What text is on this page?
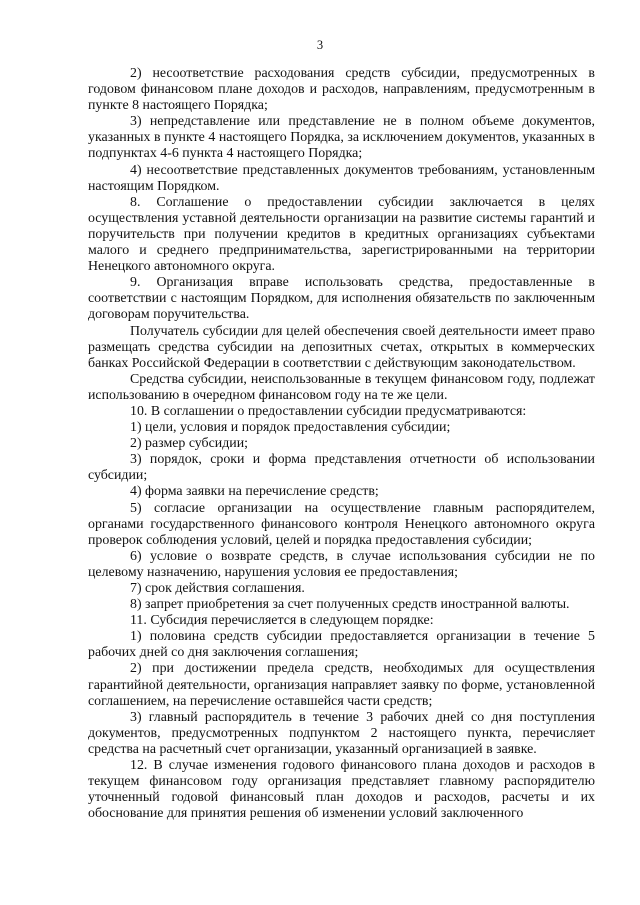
3

2) несоответствие расходования средств субсидии, предусмотренных в годовом финансовом плане доходов и расходов, направлениям, предусмотренным в пункте 8 настоящего Порядка;

3) непредставление или представление не в полном объеме документов, указанных в пункте 4 настоящего Порядка, за исключением документов, указанных в подпунктах 4-6 пункта 4 настоящего Порядка;

4) несоответствие представленных документов требованиям, установленным настоящим Порядком.

8. Соглашение о предоставлении субсидии заключается в целях осуществления уставной деятельности организации на развитие системы гарантий и поручительств при получении кредитов в кредитных организациях субъектами малого и среднего предпринимательства, зарегистрированными на территории Ненецкого автономного округа.

9. Организация вправе использовать средства, предоставленные в соответствии с настоящим Порядком, для исполнения обязательств по заключенным договорам поручительства.

Получатель субсидии для целей обеспечения своей деятельности имеет право размещать средства субсидии на депозитных счетах, открытых в коммерческих банках Российской Федерации в соответствии с действующим законодательством.

Средства субсидии, неиспользованные в текущем финансовом году, подлежат использованию в очередном финансовом году на те же цели.

10. В соглашении о предоставлении субсидии предусматриваются:

1) цели, условия и порядок предоставления субсидии;

2) размер субсидии;

3) порядок, сроки и форма представления отчетности об использовании субсидии;

4) форма заявки на перечисление средств;

5) согласие организации на осуществление главным распорядителем, органами государственного финансового контроля Ненецкого автономного округа проверок соблюдения условий, целей и порядка предоставления субсидии;

6) условие о возврате средств, в случае использования субсидии не по целевому назначению, нарушения условия ее предоставления;

7) срок действия соглашения.

8) запрет приобретения за счет полученных средств иностранной валюты.

11. Субсидия перечисляется в следующем порядке:

1) половина средств субсидии предоставляется организации в течение 5 рабочих дней со дня заключения соглашения;

2) при достижении предела средств, необходимых для осуществления гарантийной деятельности, организация направляет заявку по форме, установленной соглашением, на перечисление оставшейся части средств;

3) главный распорядитель в течение 3 рабочих дней со дня поступления документов, предусмотренных подпунктом 2 настоящего пункта, перечисляет средства на расчетный счет организации, указанный организацией в заявке.

12. В случае изменения годового финансового плана доходов и расходов в текущем финансовом году организация представляет главному распорядителю уточненный годовой финансовый план доходов и расходов, расчеты и их обоснование для принятия решения об изменении условий заключенного
